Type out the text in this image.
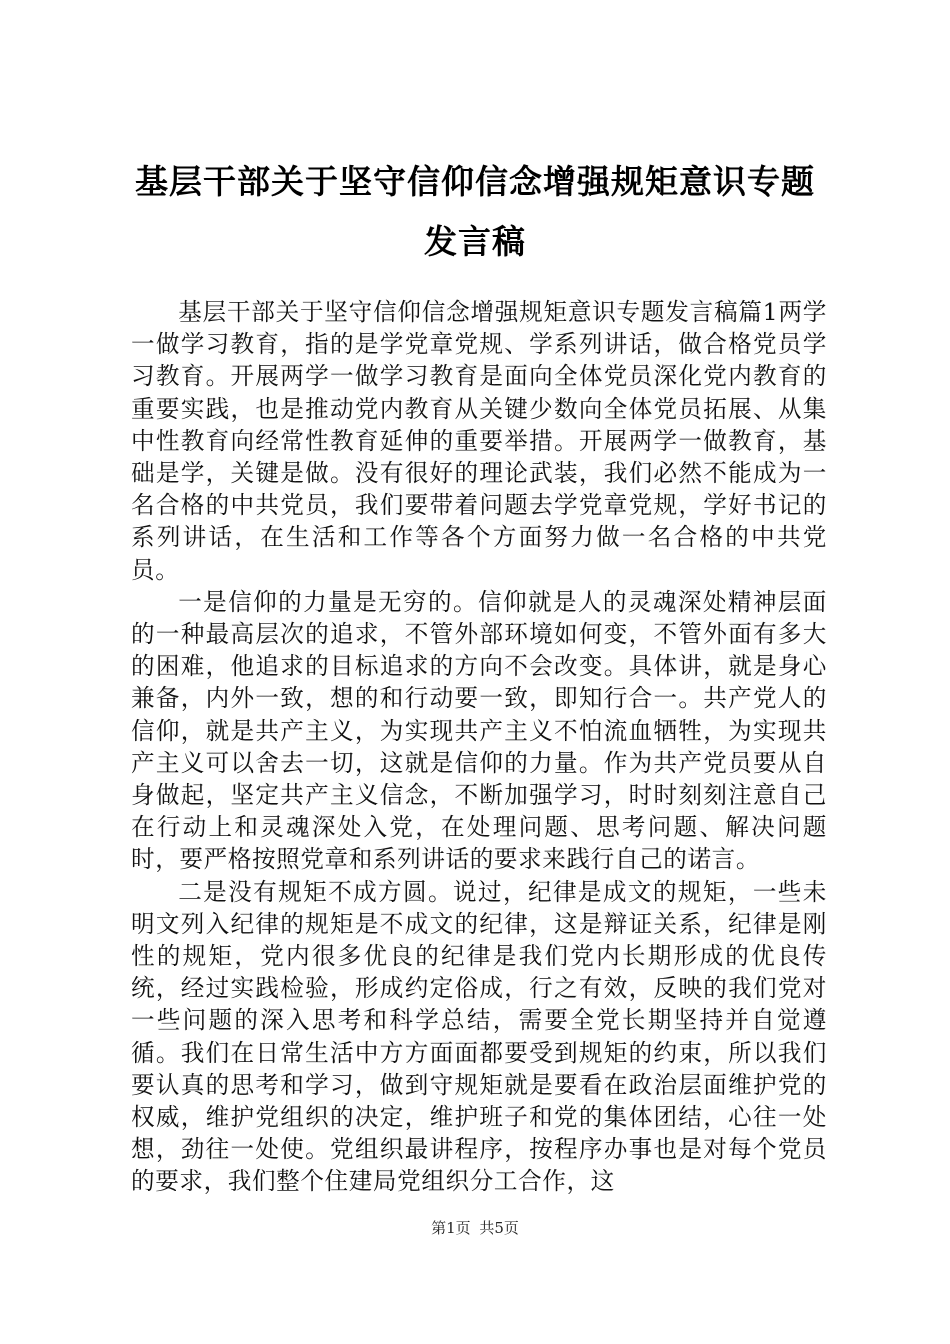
基层干部关于坚守信仰信念增强规矩意识专题
发言稿

基层干部关于坚守信仰信念增强规矩意识专题发言稿篇1两学一做学习教育，指的是学党章党规、学系列讲话，做合格党员学习教育。开展两学一做学习教育是面向全体党员深化党内教育的重要实践，也是推动党内教育从关键少数向全体党员拓展、从集中性教育向经常性教育延伸的重要举措。开展两学一做教育，基础是学，关键是做。没有很好的理论武装，我们必然不能成为一名合格的中共党员，我们要带着问题去学党章党规，学好书记的系列讲话，在生活和工作等各个方面努力做一名合格的中共党员。

一是信仰的力量是无穷的。信仰就是人的灵魂深处精神层面的一种最高层次的追求，不管外部环境如何变，不管外面有多大的困难，他追求的目标追求的方向不会改变。具体讲，就是身心兼备，内外一致，想的和行动要一致，即知行合一。共产党人的信仰，就是共产主义，为实现共产主义不怕流血牺牲，为实现共产主义可以舍去一切，这就是信仰的力量。作为共产党员要从自身做起，坚定共产主义信念，不断加强学习，时时刻刻注意自己在行动上和灵魂深处入党，在处理问题、思考问题、解决问题时，要严格按照党章和系列讲话的要求来践行自己的诺言。

二是没有规矩不成方圆。说过，纪律是成文的规矩，一些未明文列入纪律的规矩是不成文的纪律，这是辩证关系，纪律是刚性的规矩，党内很多优良的纪律是我们党内长期形成的优良传统，经过实践检验，形成约定俗成，行之有效，反映的我们党对一些问题的深入思考和科学总结，需要全党长期坚持并自觉遵循。我们在日常生活中方方面面都要受到规矩的约束，所以我们要认真的思考和学习，做到守规矩就是要看在政治层面维护党的权威，维护党组织的决定，维护班子和党的集体团结，心往一处想，劲往一处使。党组织最讲程序，按程序办事也是对每个党员的要求，我们整个住建局党组织分工合作，这

第1页 共5页
